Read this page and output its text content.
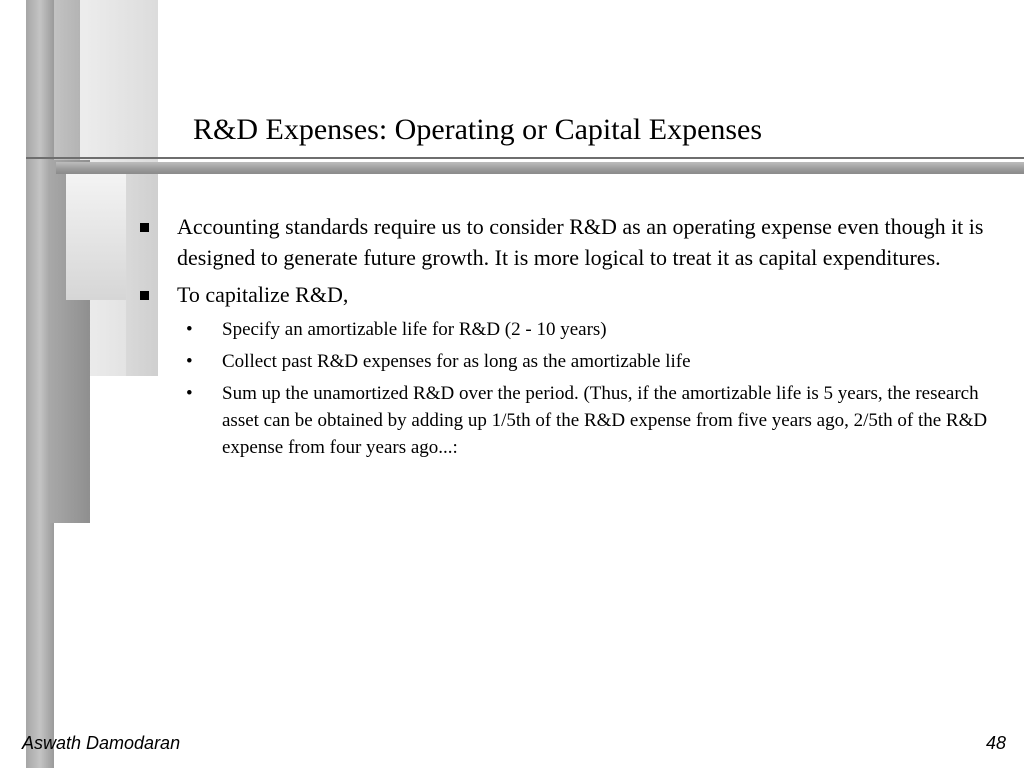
R&D Expenses: Operating or Capital Expenses
Accounting standards require us to consider R&D as an operating expense even though it is designed to generate future growth. It is more logical to treat it as capital expenditures.
To capitalize R&D,
• Specify an amortizable life for R&D (2 - 10 years)
• Collect past R&D expenses for as long as the amortizable life
• Sum up the unamortized R&D over the period. (Thus, if the amortizable life is 5 years, the research asset can be obtained by adding up 1/5th of the R&D expense from five years ago, 2/5th of the R&D expense from four years ago...:
Aswath Damodaran	48
